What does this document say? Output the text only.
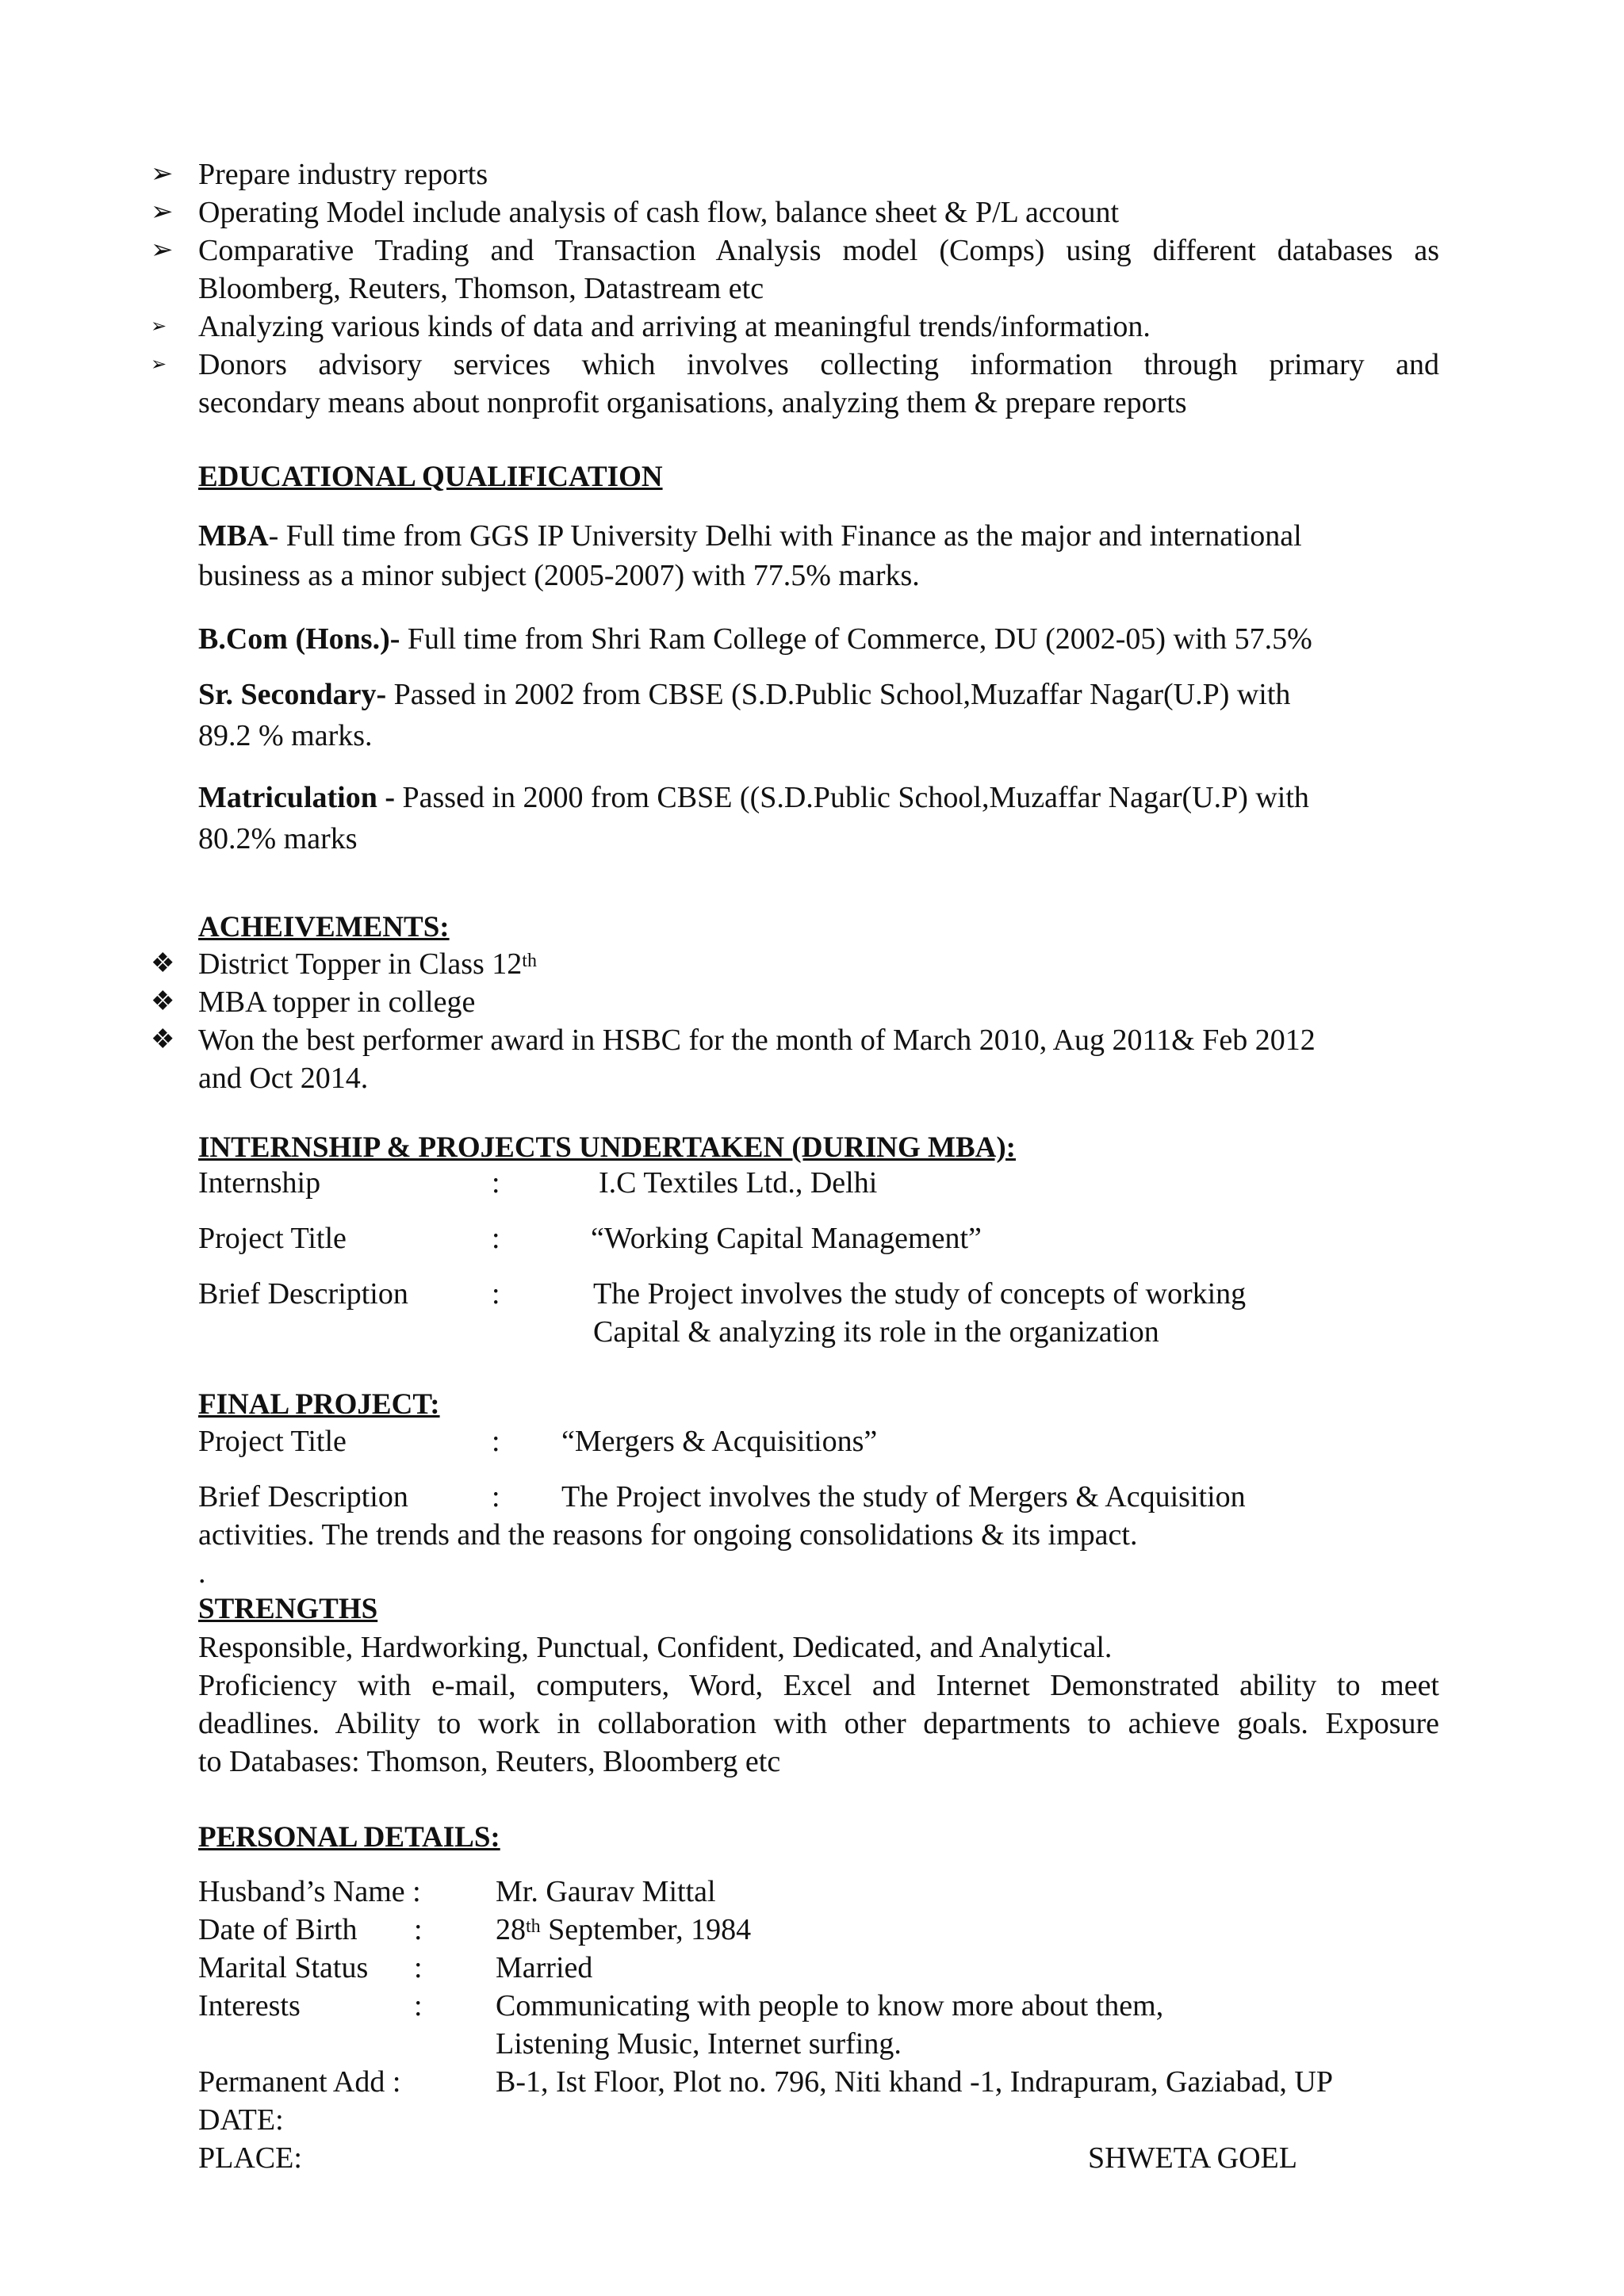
➢ Prepare industry reports
➢ Operating Model include analysis of cash flow, balance sheet & P/L account
➢ Comparative Trading and Transaction Analysis model (Comps) using different databases as
Bloomberg, Reuters, Thomson, Datastream etc
➢ Analyzing various kinds of data and arriving at meaningful trends/information.
➢ Donors advisory services which involves collecting information through primary and
secondary means about nonprofit organisations, analyzing them & prepare reports
EDUCATIONAL QUALIFICATION
MBA- Full time from GGS IP University Delhi with Finance as the major and international
business as a minor subject (2005-2007) with 77.5% marks.
B.Com (Hons.)- Full time from Shri Ram College of Commerce, DU (2002-05) with 57.5%
Sr. Secondary- Passed in 2002 from CBSE (S.D.Public School,Muzaffar Nagar(U.P) with
89.2 % marks.
Matriculation - Passed in 2000 from CBSE ((S.D.Public School,Muzaffar Nagar(U.P) with
80.2% marks
ACHEIVEMENTS:
❖ District Topper in Class 12th
❖ MBA topper in college
❖ Won the best performer award in HSBC for the month of March 2010, Aug 2011& Feb 2012
and Oct 2014.
INTERNSHIP & PROJECTS UNDERTAKEN (DURING MBA):
Internship	:	I.C Textiles Ltd., Delhi
Project Title	:	“Working Capital Management”
Brief Description	:	The Project involves the study of concepts of working
Capital & analyzing its role in the organization
FINAL PROJECT:
Project Title	: “Mergers & Acquisitions”
Brief Description	: The Project involves the study of Mergers & Acquisition
activities. The trends and the reasons for ongoing consolidations & its impact.
.
STRENGTHS
Responsible, Hardworking, Punctual, Confident, Dedicated, and Analytical.
Proficiency with e-mail, computers, Word, Excel and Internet Demonstrated ability to meet
deadlines. Ability to work in collaboration with other departments to achieve goals. Exposure
to Databases: Thomson, Reuters, Bloomberg etc
PERSONAL DETAILS:
Husband’s Name : Mr. Gaurav Mittal
Date of Birth : 28th September, 1984
Marital Status : Married
Interests	: Communicating with people to know more about them,
Listening Music, Internet surfing.
Permanent Add :	B-1, Ist Floor, Plot no. 796, Niti khand -1, Indrapuram, Gaziabad, UP
DATE:
PLACE:	SHWETA GOEL
